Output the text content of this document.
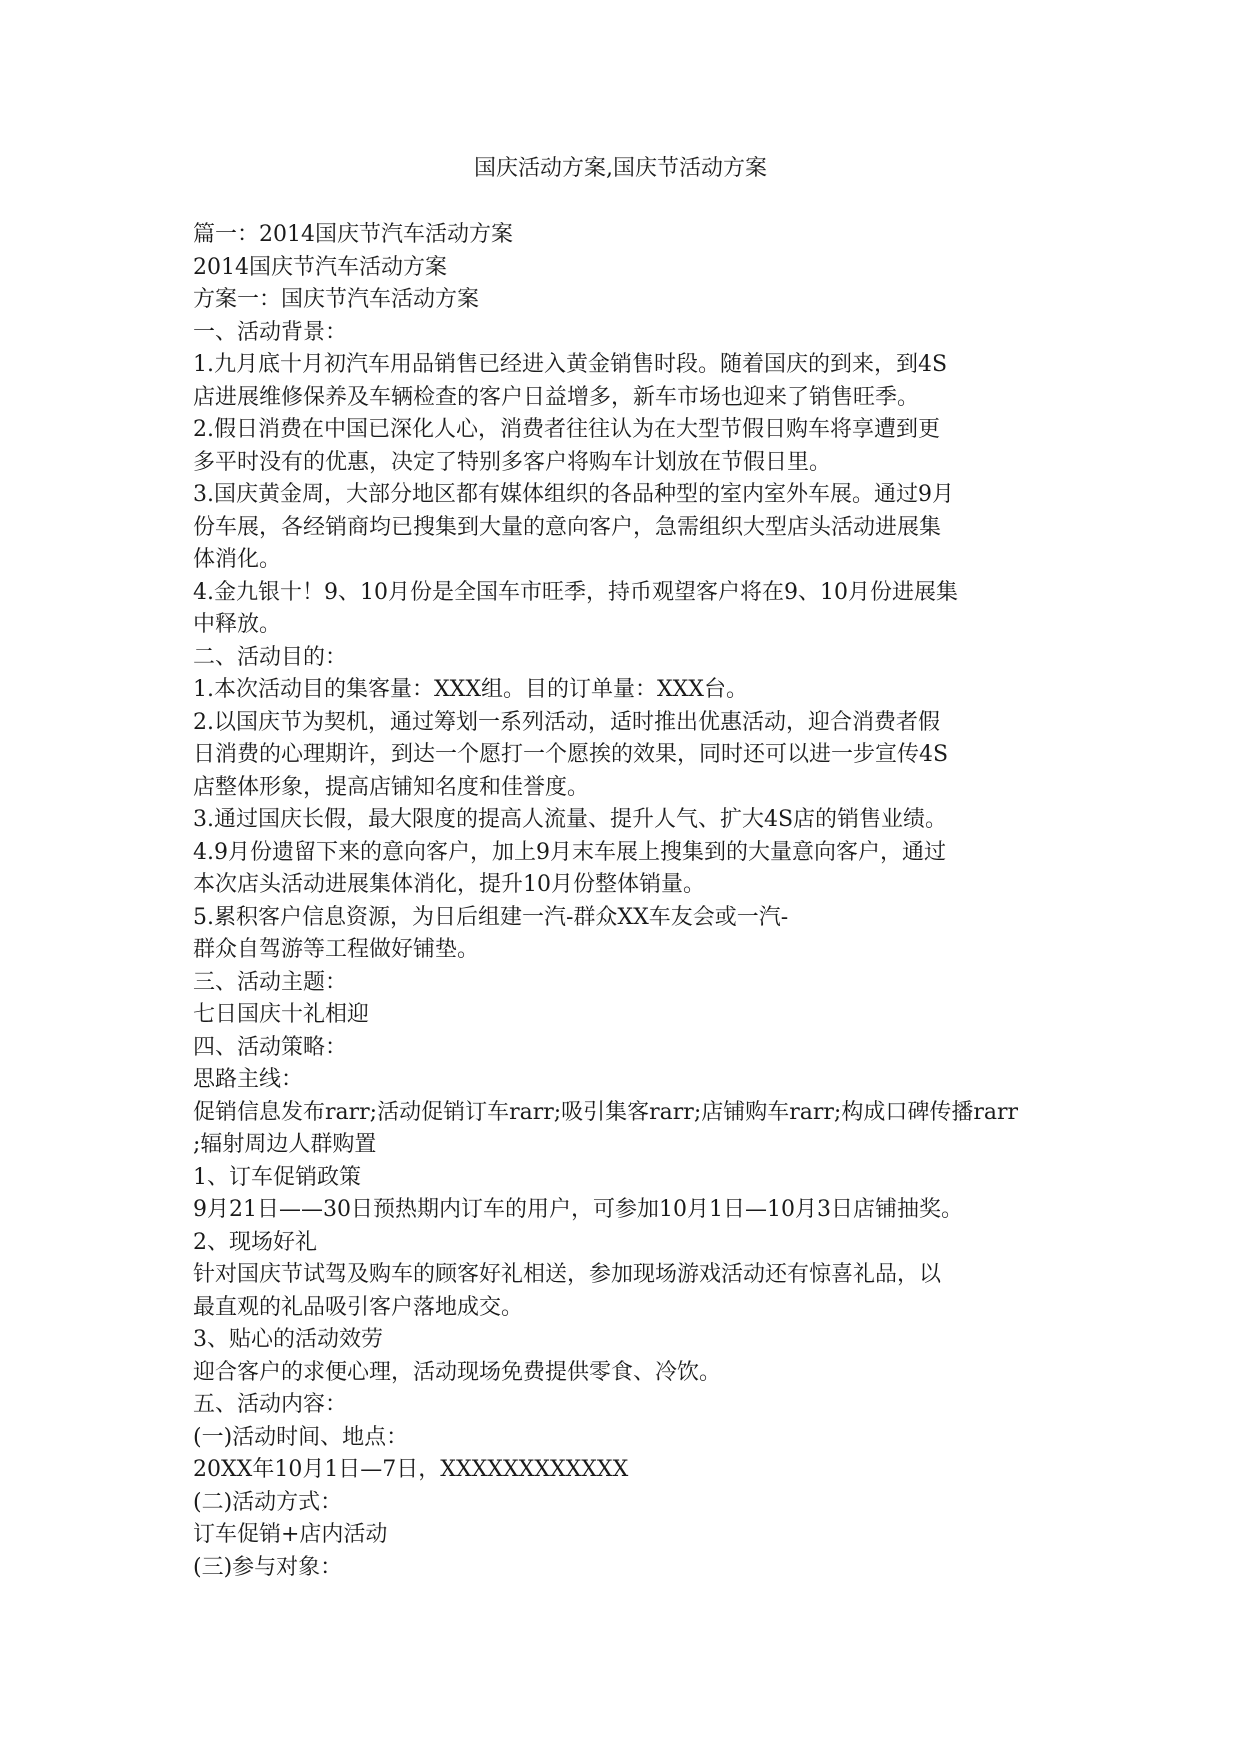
国庆活动方案,国庆节活动方案
篇一：2014国庆节汽车活动方案
2014国庆节汽车活动方案
方案一：国庆节汽车活动方案
一、活动背景：
1.九月底十月初汽车用品销售已经进入黄金销售时段。随着国庆的到来，到4S
店进展维修保养及车辆检查的客户日益增多，新车市场也迎来了销售旺季。
2.假日消费在中国已深化人心，消费者往往认为在大型节假日购车将享遭到更
多平时没有的优惠，决定了特别多客户将购车计划放在节假日里。
3.国庆黄金周，大部分地区都有媒体组织的各品种型的室内室外车展。通过9月
份车展，各经销商均已搜集到大量的意向客户，急需组织大型店头活动进展集
体消化。
4.金九银十！9、10月份是全国车市旺季，持币观望客户将在9、10月份进展集
中释放。
二、活动目的：
1.本次活动目的集客量：XXX组。目的订单量：XXX台。
2.以国庆节为契机，通过筹划一系列活动，适时推出优惠活动，迎合消费者假
日消费的心理期许，到达一个愿打一个愿挨的效果，同时还可以进一步宣传4S
店整体形象，提高店铺知名度和佳誉度。
3.通过国庆长假，最大限度的提高人流量、提升人气、扩大4S店的销售业绩。
4.9月份遗留下来的意向客户，加上9月末车展上搜集到的大量意向客户，通过
本次店头活动进展集体消化，提升10月份整体销量。
5.累积客户信息资源，为日后组建一汽-群众XX车友会或一汽-
群众自驾游等工程做好铺垫。
三、活动主题：
七日国庆十礼相迎
四、活动策略：
思路主线：
促销信息发布rarr;活动促销订车rarr;吸引集客rarr;店铺购车rarr;构成口碑传播rarr
;辐射周边人群购置
1、订车促销政策
9月21日——30日预热期内订车的用户，可参加10月1日—10月3日店铺抽奖。
2、现场好礼
针对国庆节试驾及购车的顾客好礼相送，参加现场游戏活动还有惊喜礼品，以
最直观的礼品吸引客户落地成交。
3、贴心的活动效劳
迎合客户的求便心理，活动现场免费提供零食、冷饮。
五、活动内容：
(一)活动时间、地点：
20XX年10月1日—7日，XXXXXXXXXXXX
(二)活动方式：
订车促销+店内活动
(三)参与对象：
